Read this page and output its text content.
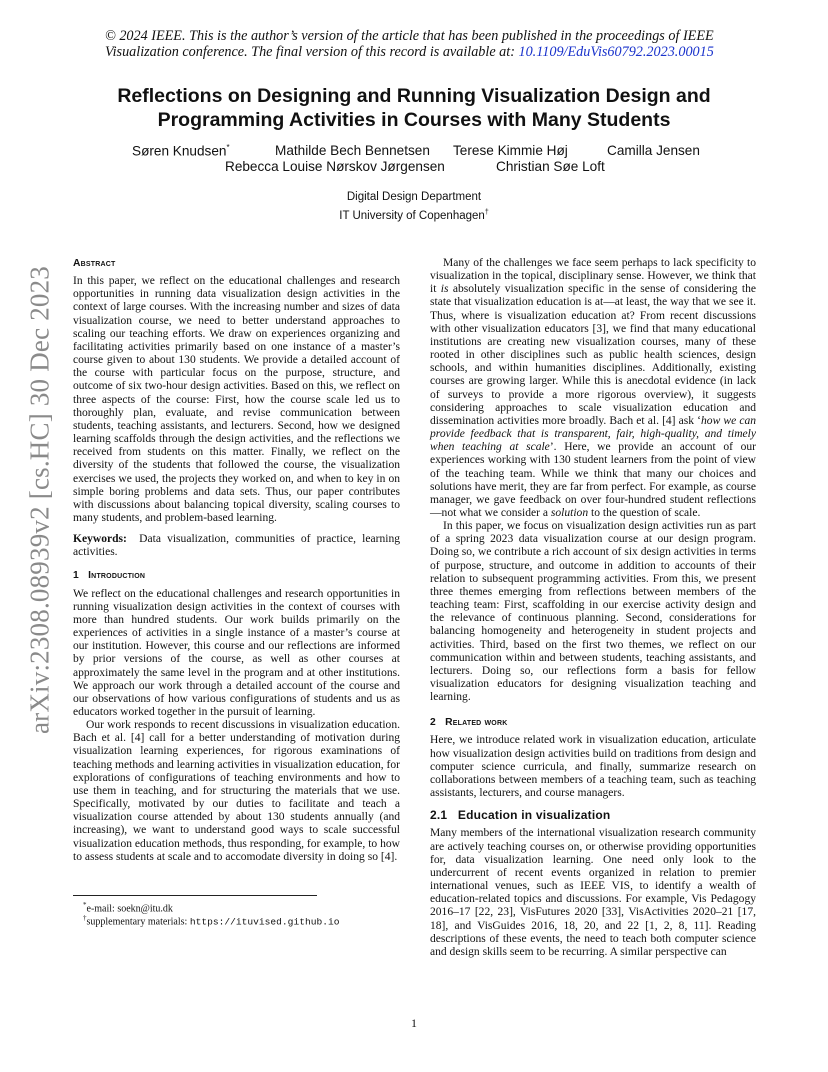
arXiv:2308.08939v2 [cs.HC] 30 Dec 2023
© 2024 IEEE. This is the author’s version of the article that has been published in the proceedings of IEEE
Visualization conference. The final version of this record is available at: 10.1109/EduVis60792.2023.00015
Reflections on Designing and Running Visualization Design and
Programming Activities in Courses with Many Students
Søren Knudsen*	Mathilde Bech Bennetsen Terese Kimmie Høj	Camilla Jensen
Rebecca Louise Nørskov Jørgensen	Christian Søe Loft
Digital Design Department
IT University of Copenhagen†
Abstract

In this paper, we reflect on the educational challenges and research opportunities in running data visualization design activities in the context of large courses. With the increasing number and sizes of data visualization course, we need to better understand approaches to scaling our teaching efforts. We draw on experiences organizing and facilitating activities primarily based on one instance of a master’s course given to about 130 students. We provide a detailed account of the course with particular focus on the purpose, structure, and outcome of six two-hour design activities. Based on this, we reflect on three aspects of the course: First, how the course scale led us to thoroughly plan, evaluate, and revise communication between students, teaching assistants, and lecturers. Second, how we designed learning scaffolds through the design activities, and the reflections we received from students on this matter. Finally, we reflect on the diversity of the students that followed the course, the visualization exercises we used, the projects they worked on, and when to key in on simple boring problems and data sets. Thus, our paper contributes with discussions about balancing topical diversity, scaling courses to many students, and problem-based learning.

Keywords: Data visualization, communities of practice, learning activities.

1 Introduction

We reflect on the educational challenges and research opportunities in running visualization design activities in the context of courses with more than hundred students. Our work builds primarily on the experiences of activities in a single instance of a master’s course at our institution. However, this course and our reflections are informed by prior versions of the course, as well as other courses at approximately the same level in the program and at other institutions. We approach our work through a detailed account of the course and our observations of how various configurations of students and us as educators worked together in the pursuit of learning.

Our work responds to recent discussions in visualization education. Bach et al. [4] call for a better understanding of motivation during visualization learning experiences, for rigorous examinations of teaching methods and learning activities in visualization education, for explorations of configurations of teaching environments and how to use them in teaching, and for structuring the materials that we use. Specifically, motivated by our duties to facilitate and teach a visualization course attended by about 130 students annually (and increasing), we want to understand good ways to scale successful visualization education methods, thus responding, for example, to how to assess students at scale and to accomodate diversity in doing so [4].

*e-mail: soekn@itu.dk
†supplementary materials: https://ituvised.github.io

Many of the challenges we face seem perhaps to lack specificity to visualization in the topical, disciplinary sense. However, we think that it is absolutely visualization specific in the sense of considering the state that visualization education is at—at least, the way that we see it. Thus, where is visualization education at? From recent discussions with other visualization educators [3], we find that many educational institutions are creating new visualization courses, many of these rooted in other disciplines such as public health sciences, design schools, and within humanities disciplines. Additionally, existing courses are growing larger. While this is anecdotal evidence (in lack of surveys to provide a more rigorous overview), it suggests considering approaches to scale visualization education and dissemination activities more broadly. Bach et al. [4] ask ‘how we can provide feedback that is transparent, fair, high-quality, and timely when teaching at scale’. Here, we provide an account of our experiences working with 130 student learners from the point of view of the teaching team. While we think that many our choices and solutions have merit, they are far from perfect. For example, as course manager, we gave feedback on over four-hundred student reflections—not what we consider a solution to the question of scale.

In this paper, we focus on visualization design activities run as part of a spring 2023 data visualization course at our design program. Doing so, we contribute a rich account of six design activities in terms of purpose, structure, and outcome in addition to accounts of their relation to subsequent programming activities. From this, we present three themes emerging from reflections between members of the teaching team: First, scaffolding in our exercise activity design and the relevance of continuous planning. Second, considerations for balancing homogeneity and heterogeneity in student projects and activities. Third, based on the first two themes, we reflect on our communication within and between students, teaching assistants, and lecturers. Doing so, our reflections form a basis for fellow visualization educators for designing visualization teaching and learning.

2 Related work

Here, we introduce related work in visualization education, articulate how visualization design activities build on traditions from design and computer science curricula, and finally, summarize research on collaborations between members of a teaching team, such as teaching assistants, lecturers, and course managers.

2.1 Education in visualization

Many members of the international visualization research community are actively teaching courses on, or otherwise providing opportunities for, data visualization learning. One need only look to the undercurrent of recent events organized in relation to premier international venues, such as IEEE VIS, to identify a wealth of education-related topics and discussions. For example, Vis Pedagogy 2016–17 [22, 23], VisFutures 2020 [33], VisActivities 2020–21 [17, 18], and VisGuides 2016, 18, 20, and 22 [1, 2, 8, 11]. Reading descriptions of these events, the need to teach both computer science and design skills seem to be recurring. A similar perspective can

1
